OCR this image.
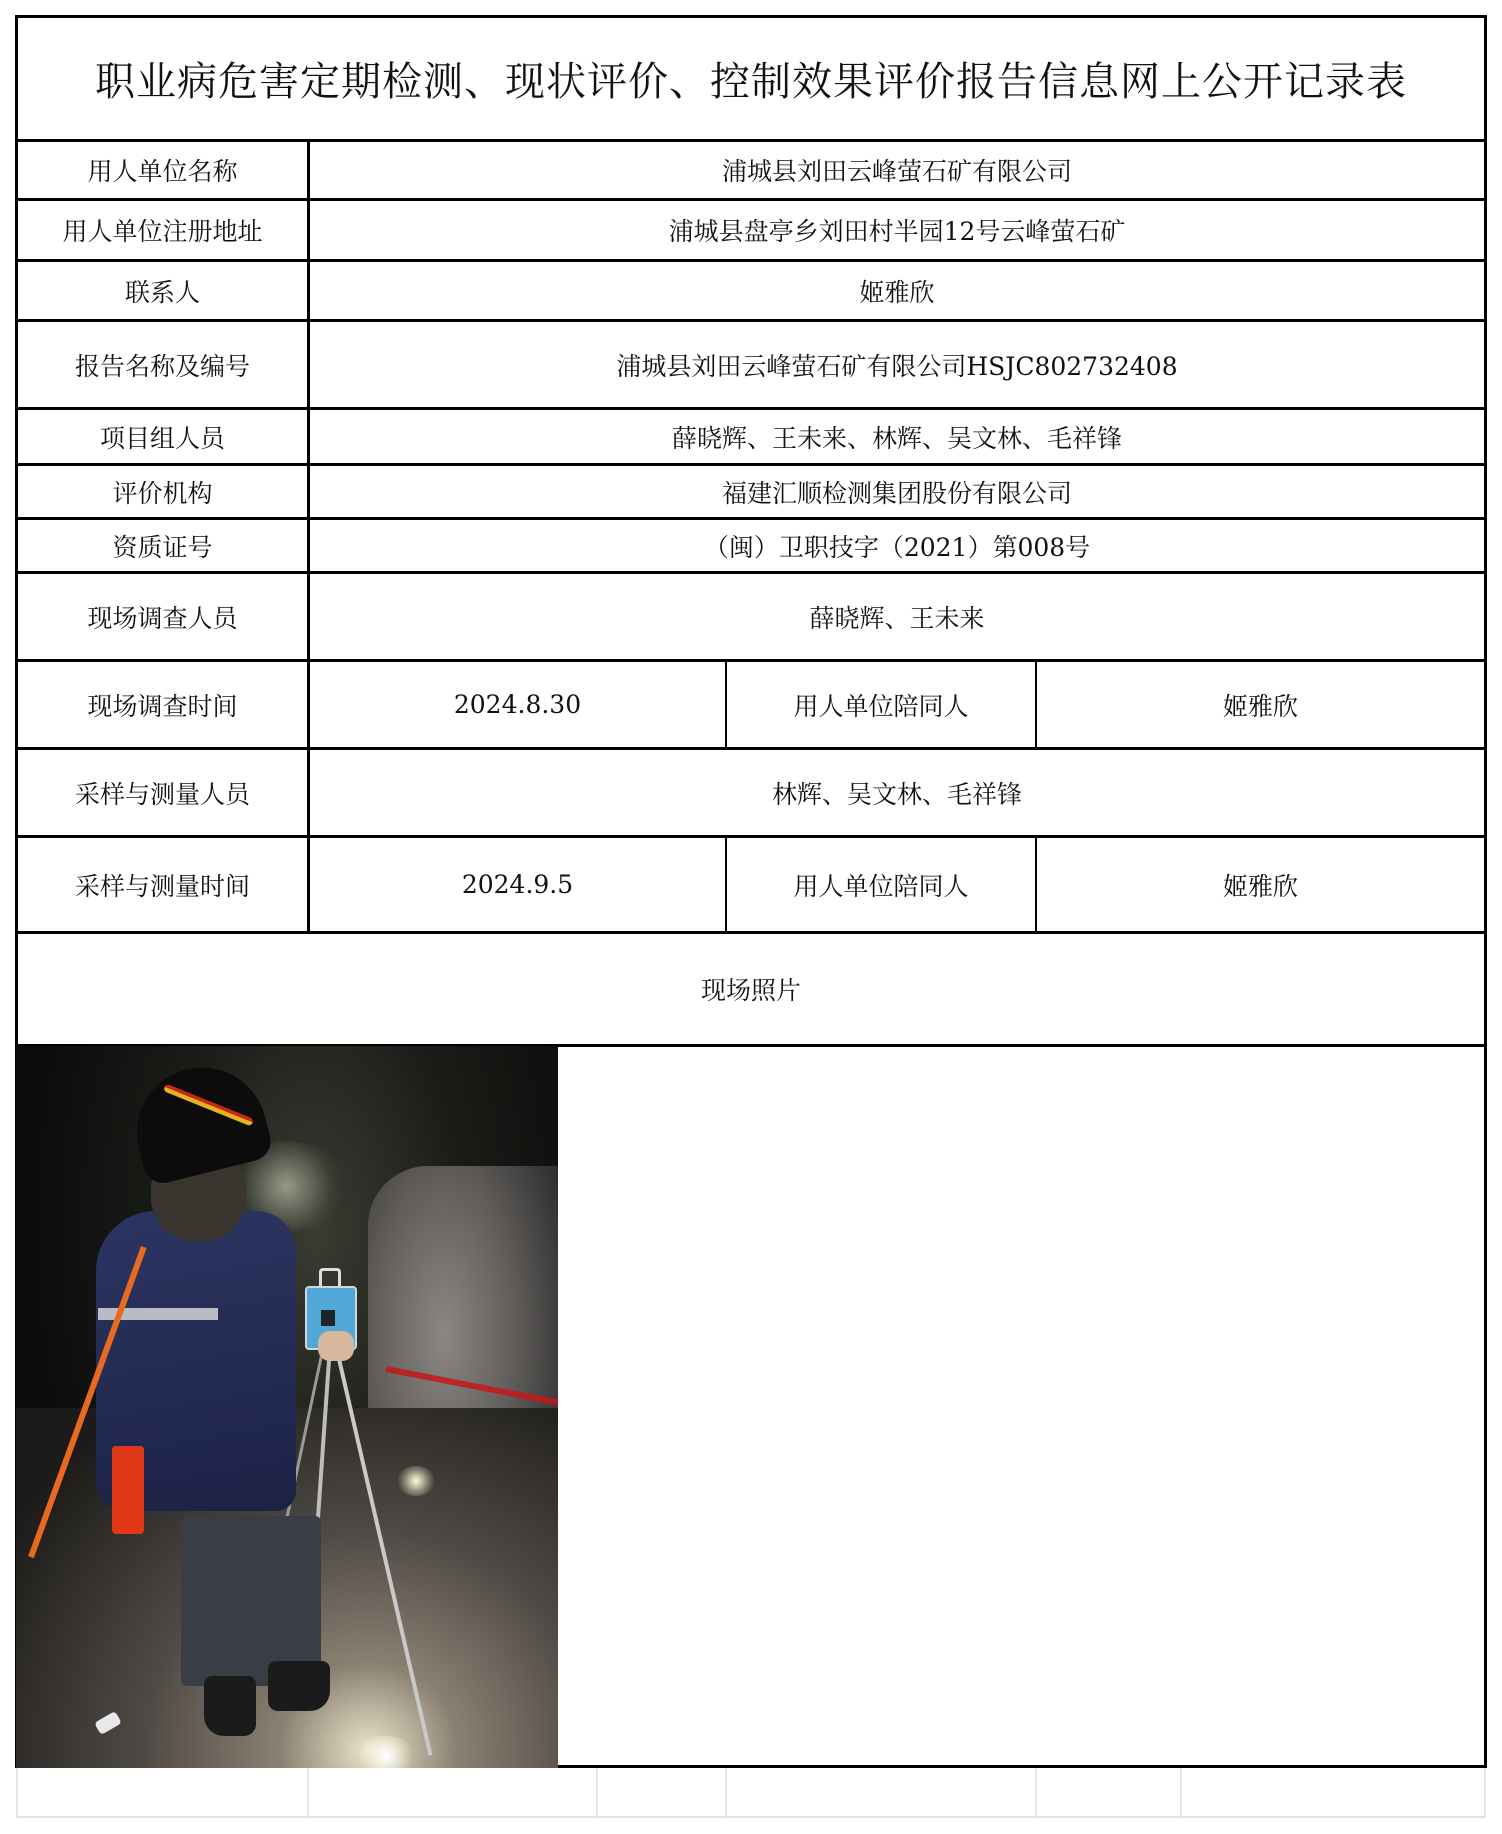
职业病危害定期检测、现状评价、控制效果评价报告信息网上公开记录表
用人单位名称	浦城县刘田云峰萤石矿有限公司
用人单位注册地址	浦城县盘亭乡刘田村半园12号云峰萤石矿
联系人	姬雅欣
报告名称及编号	浦城县刘田云峰萤石矿有限公司HSJC802732408
项目组人员	薛晓辉、王未来、林辉、吴文林、毛祥锋
评价机构	福建汇顺检测集团股份有限公司
资质证号	（闽）卫职技字（2021）第008号
现场调查人员	薛晓辉、王未来
现场调查时间	2024.8.30	用人单位陪同人	姬雅欣
采样与测量人员	林辉、吴文林、毛祥锋
采样与测量时间	2024.9.5	用人单位陪同人	姬雅欣
现场照片
